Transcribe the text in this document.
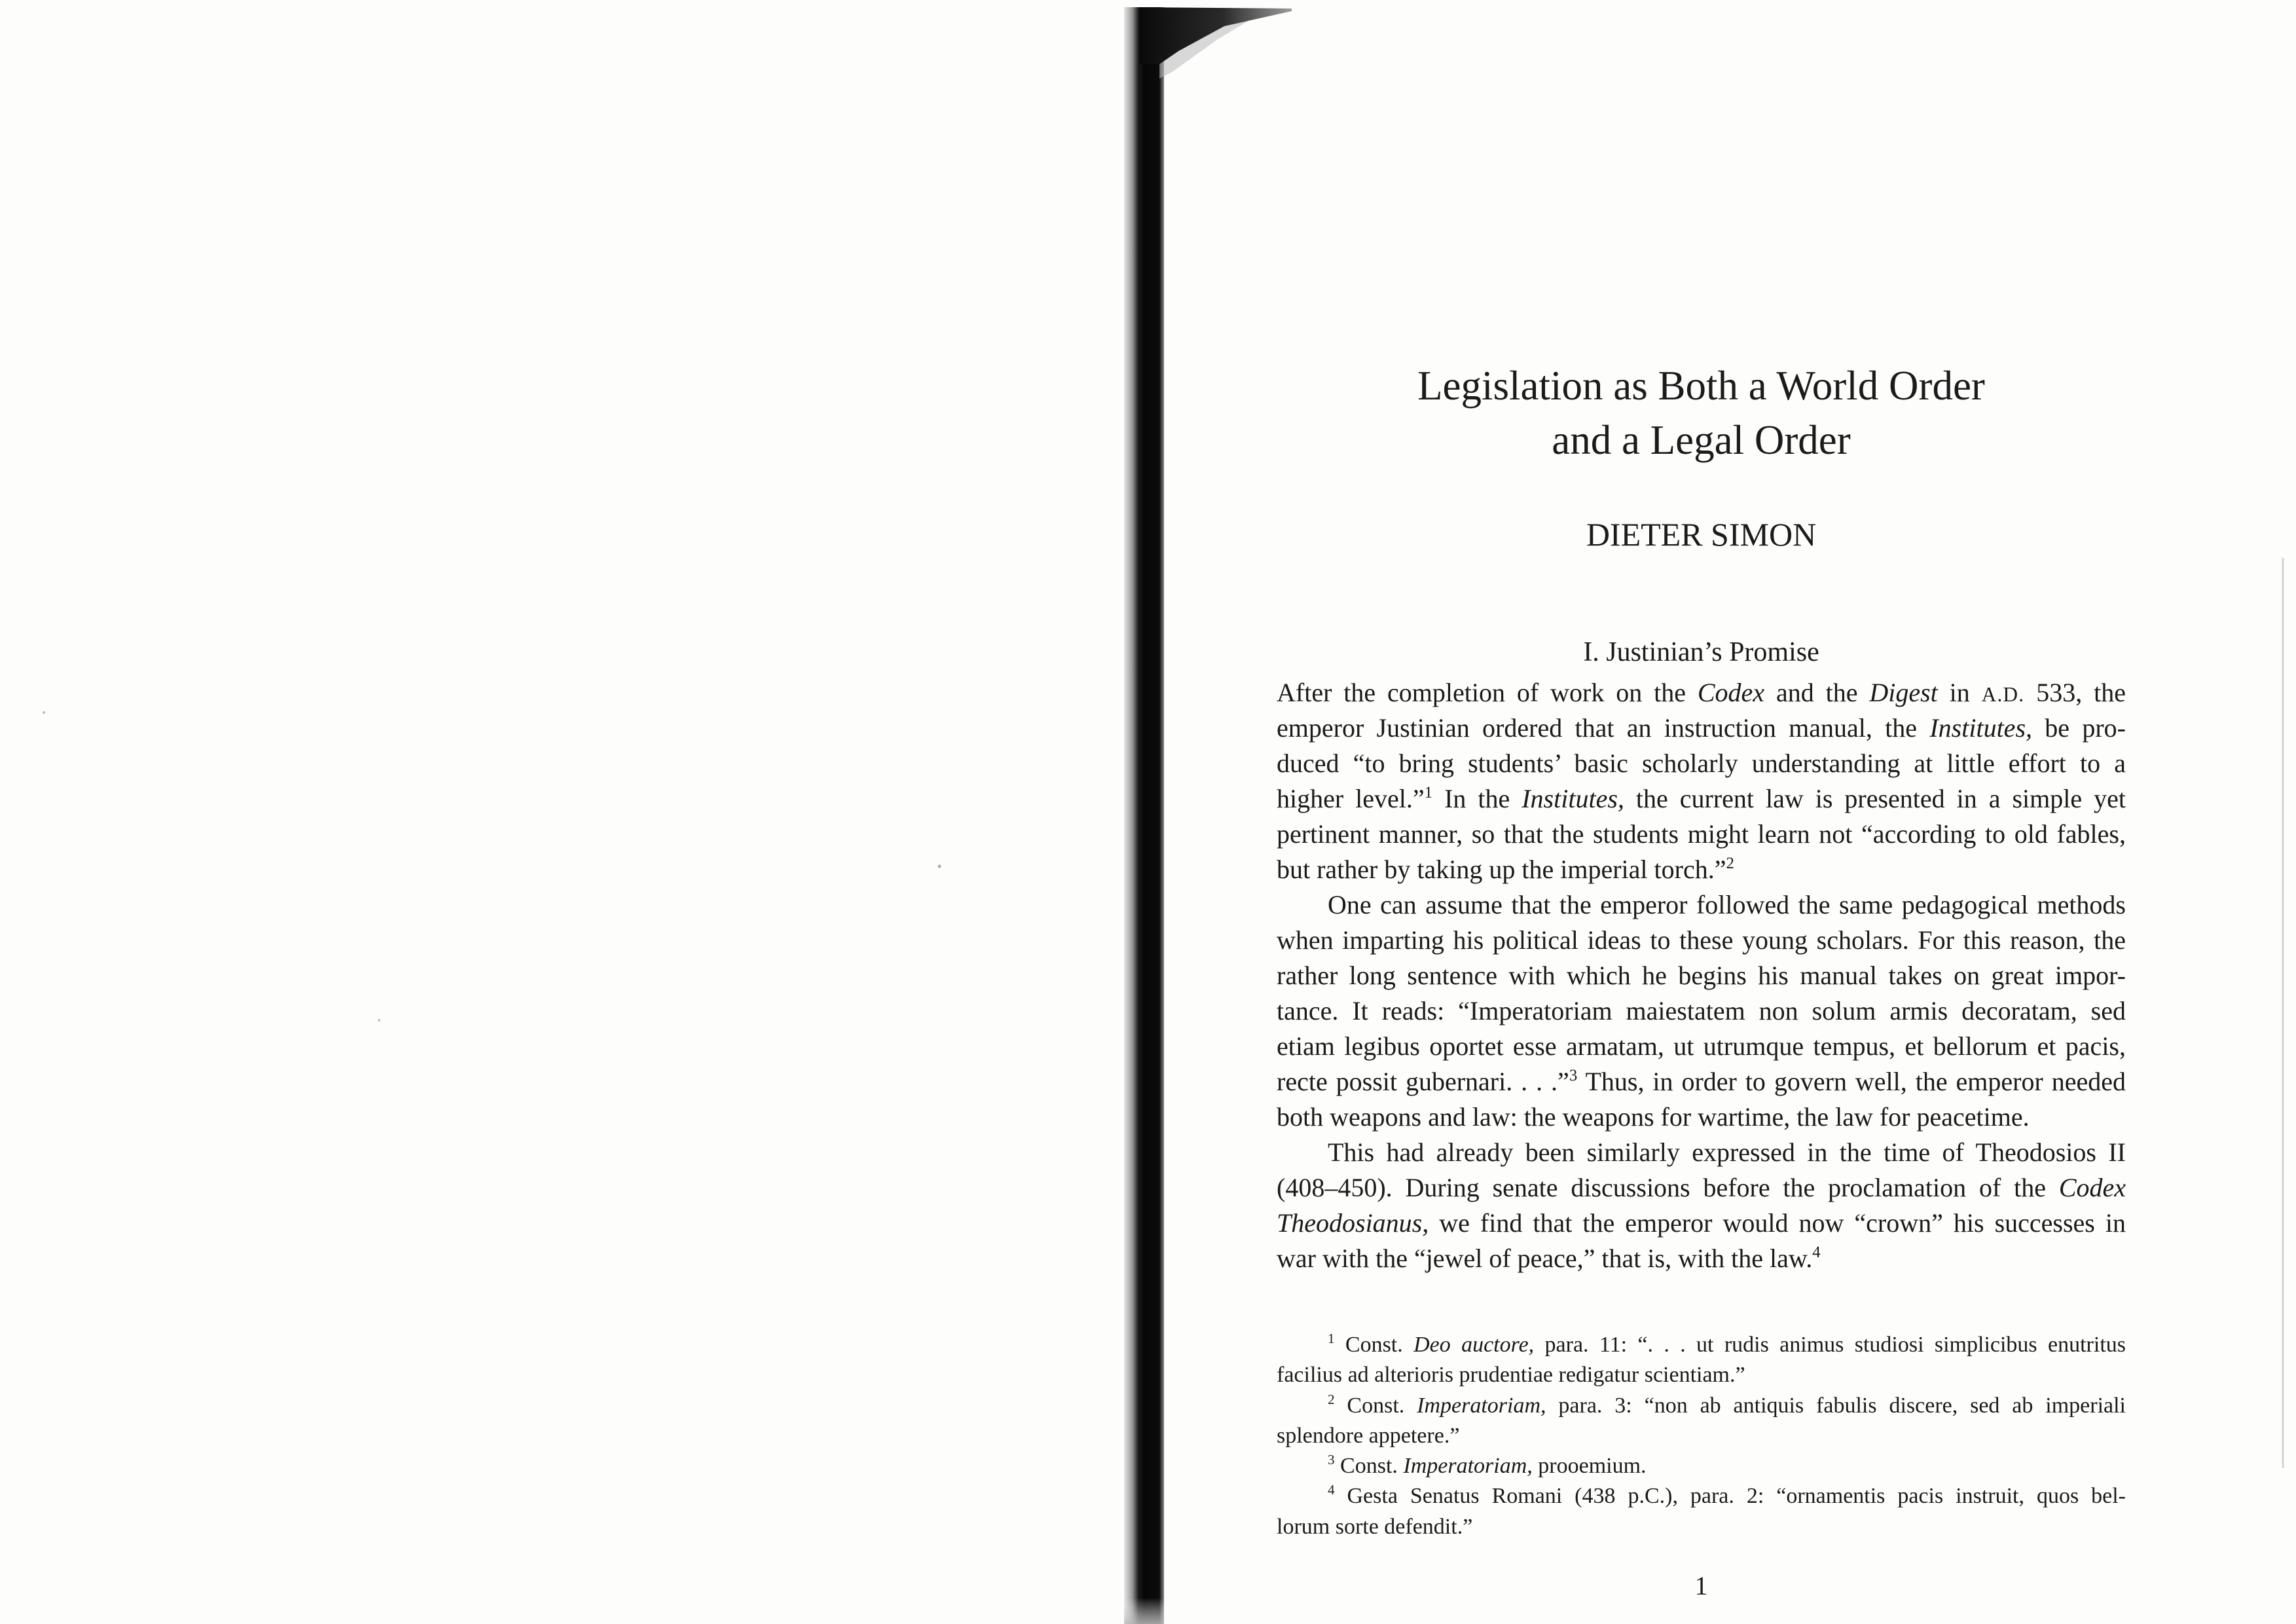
Legislation as Both a World Order
and a Legal Order
DIETER SIMON
I. Justinian’s Promise
After the completion of work on the Codex and the Digest in A.D. 533, the
emperor Justinian ordered that an instruction manual, the Institutes, be pro-
duced “to bring students’ basic scholarly understanding at little effort to a
higher level.”$^1$ In the Institutes, the current law is presented in a simple yet
pertinent manner, so that the students might learn not “according to old fables,
but rather by taking up the imperial torch.”$^2$
One can assume that the emperor followed the same pedagogical methods
when imparting his political ideas to these young scholars. For this reason, the
rather long sentence with which he begins his manual takes on great impor-
tance. It reads: “Imperatoriam maiestatem non solum armis decoratam, sed
etiam legibus oportet esse armatam, ut utrumque tempus, et bellorum et pacis,
recte possit gubernari. . . .”$^3$ Thus, in order to govern well, the emperor needed
both weapons and law: the weapons for wartime, the law for peacetime.
This had already been similarly expressed in the time of Theodosios II
(408–450). During senate discussions before the proclamation of the Codex
Theodosianus, we find that the emperor would now “crown” his successes in
war with the “jewel of peace,” that is, with the law.$^4$
$^1$ Const. Deo auctore, para. 11: “. . . ut rudis animus studiosi simplicibus enutritus
facilius ad alterioris prudentiae redigatur scientiam.”
$^2$ Const. Imperatoriam, para. 3: “non ab antiquis fabulis discere, sed ab imperiali
splendore appetere.”
$^3$ Const. Imperatoriam, prooemium.
$^4$ Gesta Senatus Romani (438 p.C.), para. 2: “ornamentis pacis instruit, quos bel-
lorum sorte defendit.”
1
